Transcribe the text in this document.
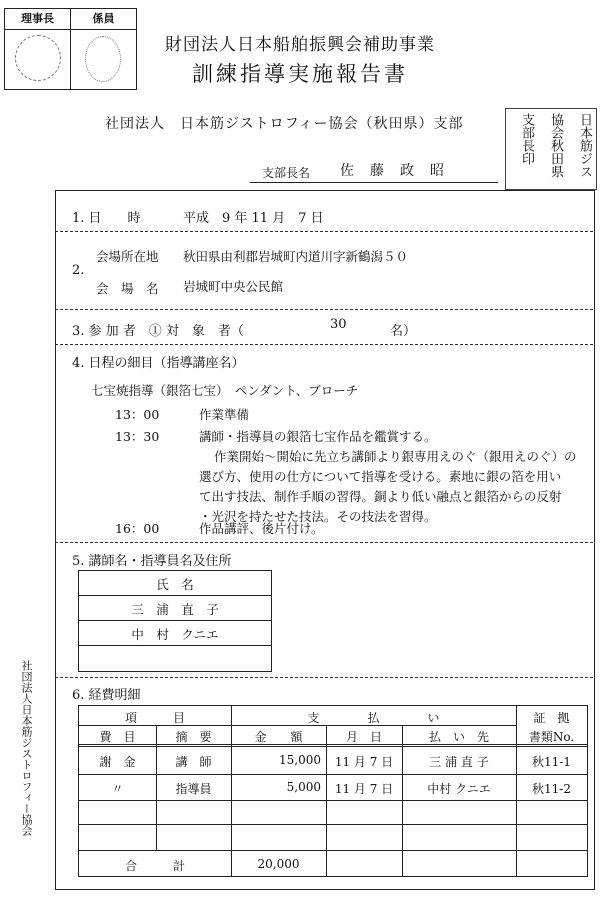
理事長	係員
財団法人日本船舶振興会補助事業
訓練指導実施報告書
社団法人　日本筋ジストロフィー協会（秋田県）支部	日本筋ジス
協会秋田県
支部長印
支部長名 佐藤政昭
1. 日　　時	平成　9 年 11 月　7 日
2.
会場所在地 秋田県由利郡岩城町内道川字新鶴潟５０
会　場　名 岩城町中央公民館
3. 参 加 者　① 対　象　者（	30	名）
4. 日程の細目（指導講座名）
七宝焼指導（銀箔七宝）　ペンダント、ブローチ
13：00	作業準備
13：30	講師・指導員の銀箔七宝作品を鑑賞する。
作業開始～開始に先立ち講師より銀専用えのぐ（銀用えのぐ）の
選び方、使用の仕方について指導を受ける。素地に銀の箔を用い
て出す技法、制作手順の習得。銅より低い融点と銀箔からの反射
・光沢を持たせた技法。その技法を習得。
16：00	作品講評、後片付け。
5. 講師名・指導員名及住所
氏　名
三　浦　直　子
中　村　クニエ
6. 経費明細
項　　　目	支　　　　払　　　　い	証　拠
費　目	摘　要	金　　額	月　日	払　い　先	書類No.
謝　金	講　師	15,000	11 月 7 日	三 浦 直 子	秋11-1
〃	指導員	5,000	11 月 7 日	中村 クニエ	秋11-2
合　　　計	20,000
社団法人日本筋ジストロフィー協会
